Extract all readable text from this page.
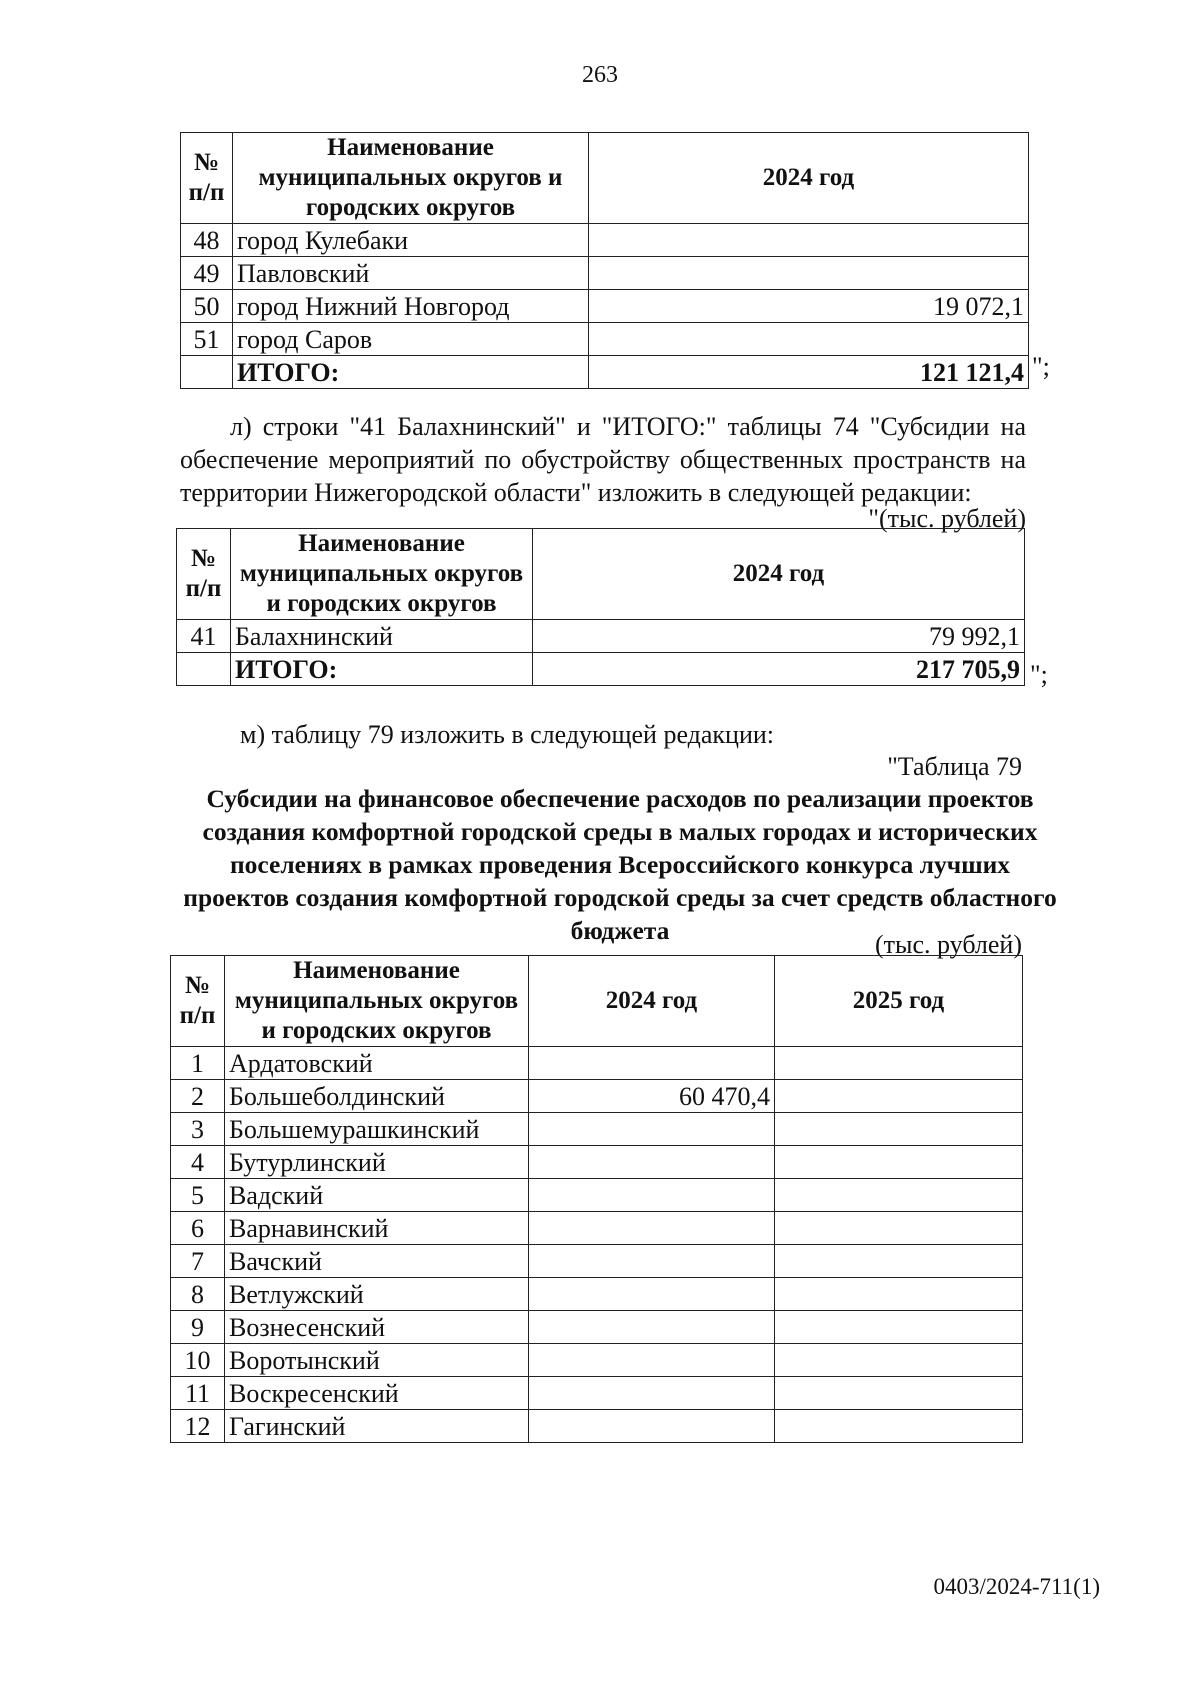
263
№
п/п	Наименование муниципальных округов и городских округов	2024 год
48	город Кулебаки	
49	Павловский	
50	город Нижний Новгород	19 072,1
51	город Саров	
	ИТОГО:	121 121,4 ";

л) строки "41 Балахнинский" и "ИТОГО:" таблицы 74 "Субсидии на обеспечение мероприятий по обустройству общественных пространств на территории Нижегородской области" изложить в следующей редакции:

"(тыс. рублей)
№
п/п	Наименование муниципальных округов и городских округов	2024 год
41	Балахнинский	79 992,1
	ИТОГО:	217 705,9 ";

м) таблицу 79 изложить в следующей редакции:

"Таблица 79
Субсидии на финансовое обеспечение расходов по реализации проектов создания комфортной городской среды в малых городах и исторических поселениях в рамках проведения Всероссийского конкурса лучших проектов создания комфортной городской среды за счет средств областного бюджета	(тыс. рублей)
№
п/п	Наименование муниципальных округов и городских округов	2024 год	2025 год
1	Ардатовский		
2	Большеболдинский	60 470,4	
3	Большемурашкинский		
4	Бутурлинский		
5	Вадский		
6	Варнавинский		
7	Вачский		
8	Ветлужский		
9	Вознесенский		
10	Воротынский		
11	Воскресенский		
12	Гагинский		
0403/2024-711(1)
